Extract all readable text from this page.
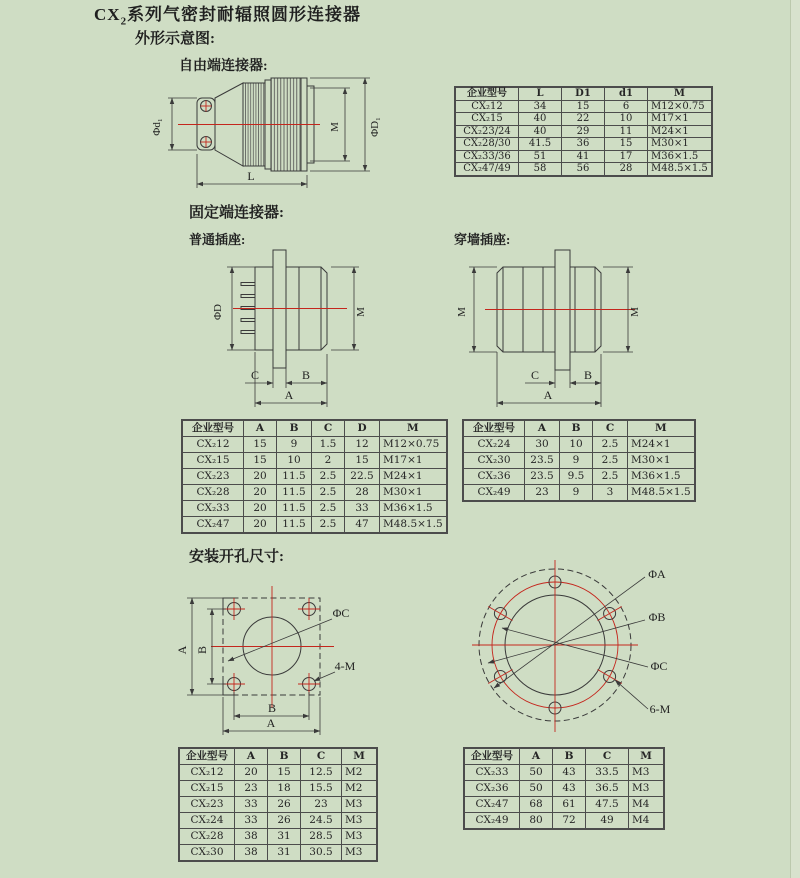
$CX_2$系列气密封耐辐照圆形连接器
外形示意图:
自由端连接器:
固定端连接器:
普通插座:	穿墙插座:
安装开孔尺寸:
Φd₁	M	ΦD₁
L
ΦD	M
C	B
A
M	M
C	B
A
A B
ΦC
4-M
B
A
ΦA
ΦB
ΦC
6-M
企业型号	L	D1	d1	M
CX₂12	34	15	6	M12×0.75
CX₂15	40	22	10	M17×1
CX₂23/24	40	29	11	M24×1
CX₂28/30	41.5	36	15	M30×1
CX₂33/36	51	41	17	M36×1.5
CX₂47/49	58	56	28	M48.5×1.5
企业型号	A	B	C	D	M
CX₂12	15	9	1.5	12	M12×0.75
CX₂15	15	10	2	15	M17×1
CX₂23	20	11.5	2.5	22.5	M24×1
CX₂28	20	11.5	2.5	28	M30×1
CX₂33	20	11.5	2.5	33	M36×1.5
CX₂47	20	11.5	2.5	47	M48.5×1.5
企业型号	A	B	C	M
CX₂24	30	10	2.5	M24×1
CX₂30	23.5	9	2.5	M30×1
CX₂36	23.5	9.5	2.5	M36×1.5
CX₂49	23	9	3	M48.5×1.5
企业型号	A	B	C	M
CX₂12	20	15	12.5	M2
CX₂15	23	18	15.5	M2
CX₂23	33	26	23	M3
CX₂24	33	26	24.5	M3
CX₂28	38	31	28.5	M3
CX₂30	38	31	30.5	M3
企业型号	A	B	C	M
CX₂33	50	43	33.5	M3
CX₂36	50	43	36.5	M3
CX₂47	68	61	47.5	M4
CX₂49	80	72	49	M4
